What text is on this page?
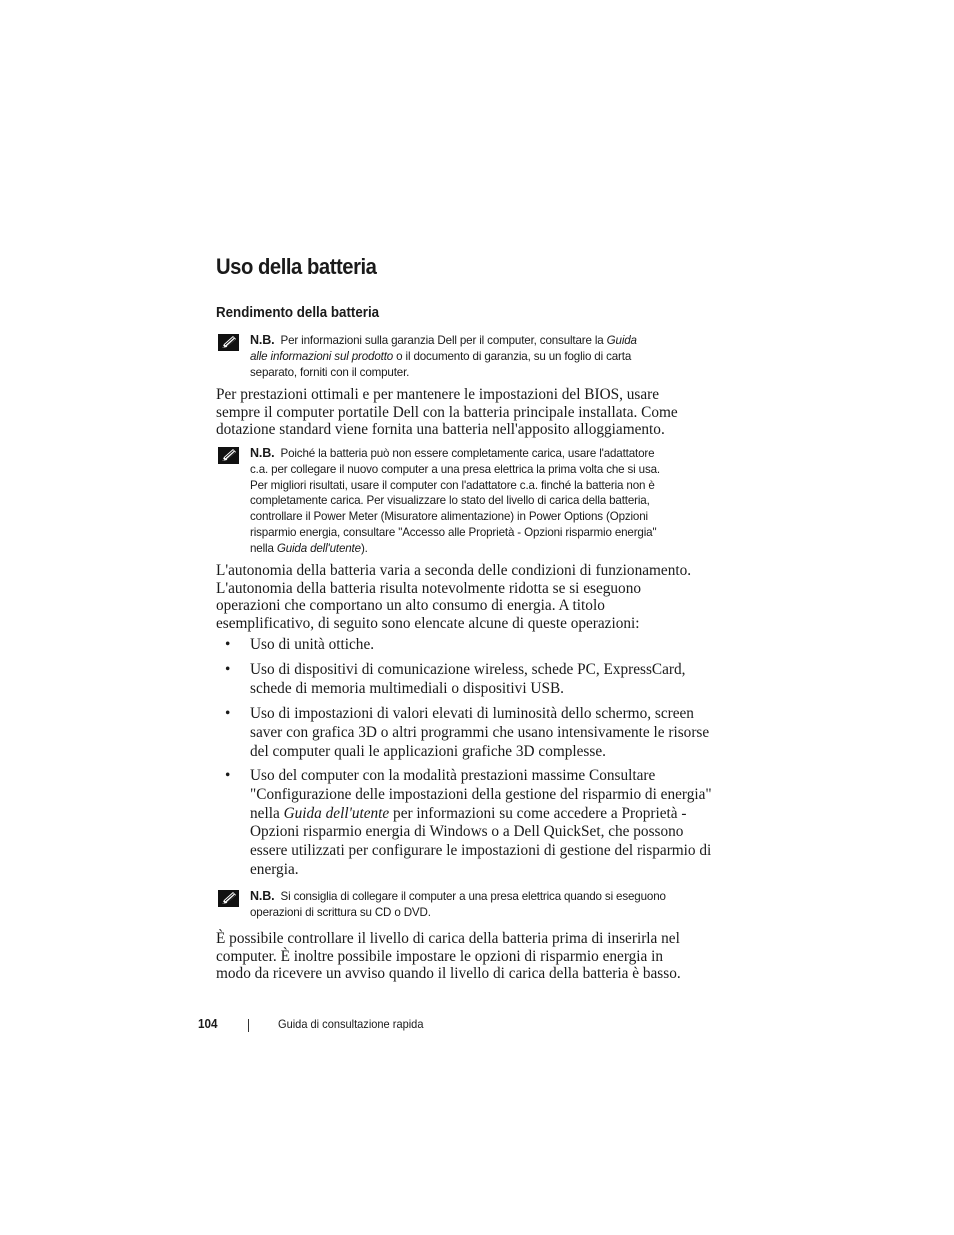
Uso della batteria
Rendimento della batteria
N.B. Per informazioni sulla garanzia Dell per il computer, consultare la Guida
alle informazioni sul prodotto o il documento di garanzia, su un foglio di carta
separato, forniti con il computer.
Per prestazioni ottimali e per mantenere le impostazioni del BIOS, usare
sempre il computer portatile Dell con la batteria principale installata. Come
dotazione standard viene fornita una batteria nell'apposito alloggiamento.
N.B. Poiché la batteria può non essere completamente carica, usare l'adattatore
c.a. per collegare il nuovo computer a una presa elettrica la prima volta che si usa.
Per migliori risultati, usare il computer con l'adattatore c.a. finché la batteria non è
completamente carica. Per visualizzare lo stato del livello di carica della batteria,
controllare il Power Meter (Misuratore alimentazione) in Power Options (Opzioni
risparmio energia, consultare "Accesso alle Proprietà - Opzioni risparmio energia"
nella Guida dell'utente).
L'autonomia della batteria varia a seconda delle condizioni di funzionamento.
L'autonomia della batteria risulta notevolmente ridotta se si eseguono
operazioni che comportano un alto consumo di energia. A titolo
esemplificativo, di seguito sono elencate alcune di queste operazioni:
• Uso di unità ottiche.
• Uso di dispositivi di comunicazione wireless, schede PC, ExpressCard,
schede di memoria multimediali o dispositivi USB.
• Uso di impostazioni di valori elevati di luminosità dello schermo, screen
saver con grafica 3D o altri programmi che usano intensivamente le risorse
del computer quali le applicazioni grafiche 3D complesse.
• Uso del computer con la modalità prestazioni massime Consultare
"Configurazione delle impostazioni della gestione del risparmio di energia"
nella Guida dell'utente per informazioni su come accedere a Proprietà -
Opzioni risparmio energia di Windows o a Dell QuickSet, che possono
essere utilizzati per configurare le impostazioni di gestione del risparmio di
energia.
N.B. Si consiglia di collegare il computer a una presa elettrica quando si eseguono
operazioni di scrittura su CD o DVD.
È possibile controllare il livello di carica della batteria prima di inserirla nel
computer. È inoltre possibile impostare le opzioni di risparmio energia in
modo da ricevere un avviso quando il livello di carica della batteria è basso.
104	Guida di consultazione rapida
